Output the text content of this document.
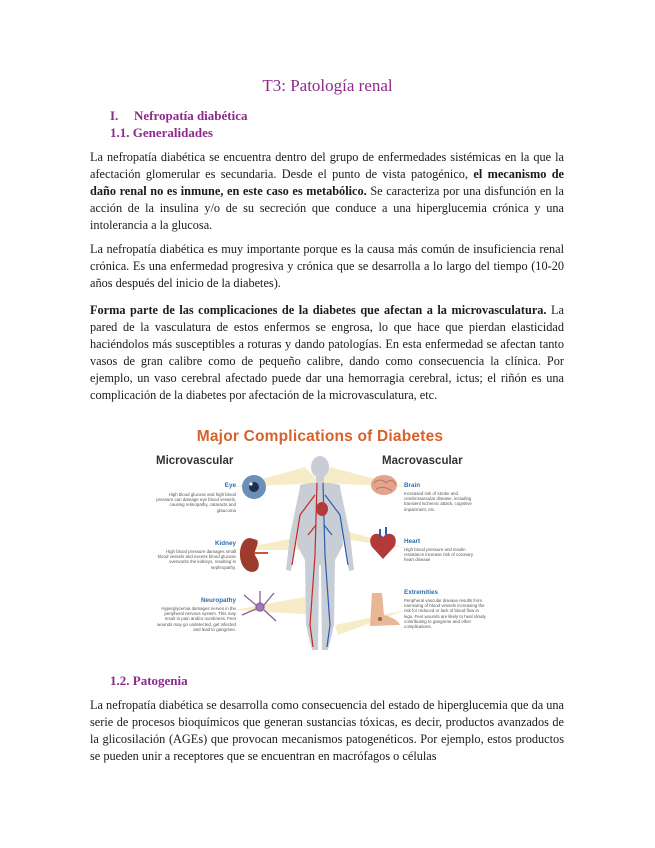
T3: Patología renal
I. Nefropatía diabética
1.1. Generalidades
La nefropatía diabética se encuentra dentro del grupo de enfermedades sistémicas en la que la afectación glomerular es secundaria. Desde el punto de vista patogénico, el mecanismo de daño renal no es inmune, en este caso es metabólico. Se caracteriza por una disfunción en la acción de la insulina y/o de su secreción que conduce a una hiperglucemia crónica y una intolerancia a la glucosa.
La nefropatía diabética es muy importante porque es la causa más común de insuficiencia renal crónica. Es una enfermedad progresiva y crónica que se desarrolla a lo largo del tiempo (10-20 años después del inicio de la diabetes).
Forma parte de las complicaciones de la diabetes que afectan a la microvasculatura. La pared de la vasculatura de estos enfermos se engrosa, lo que hace que pierdan elasticidad haciéndolos más susceptibles a roturas y dando patologías. En esta enfermedad se afectan tanto vasos de gran calibre como de pequeño calibre, dando como consecuencia la clínica. Por ejemplo, un vaso cerebral afectado puede dar una hemorragia cerebral, ictus; el riñón es una complicación de la diabetes por afectación de la microvasculatura, etc.
Major Complications of Diabetes
Microvascular	Macrovascular
Eye
High blood glucose and high blood pressure can damage eye blood vessels, causing retinopathy, cataracts and glaucoma
Kidney
High blood pressure damages small blood vessels and excess blood glucose overworks the kidneys, resulting in nephropathy.
Neuropathy
Hyperglycemia damages nerves in the peripheral nervous system. This may result in pain and/or numbness. Feet wounds may go undetected, get infected and lead to gangrene.
Brain
Increased risk of stroke and cerebrovascular disease, including transient ischemic attack, cognitive impairment, etc.
Heart
High blood pressure and insulin resistance increase risk of coronary heart disease
Extremities
Peripheral vascular disease results from narrowing of blood vessels increasing the risk for reduced or lack of blood flow in legs. Feet wounds are likely to heal slowly contributing to gangrene and other complications.
1.2. Patogenia
La nefropatía diabética se desarrolla como consecuencia del estado de hiperglucemia que da una serie de procesos bioquímicos que generan sustancias tóxicas, es decir, productos avanzados de la glicosilación (AGEs) que provocan mecanismos patogenéticos. Por ejemplo, estos productos se pueden unir a receptores que se encuentran en macrófagos o células
